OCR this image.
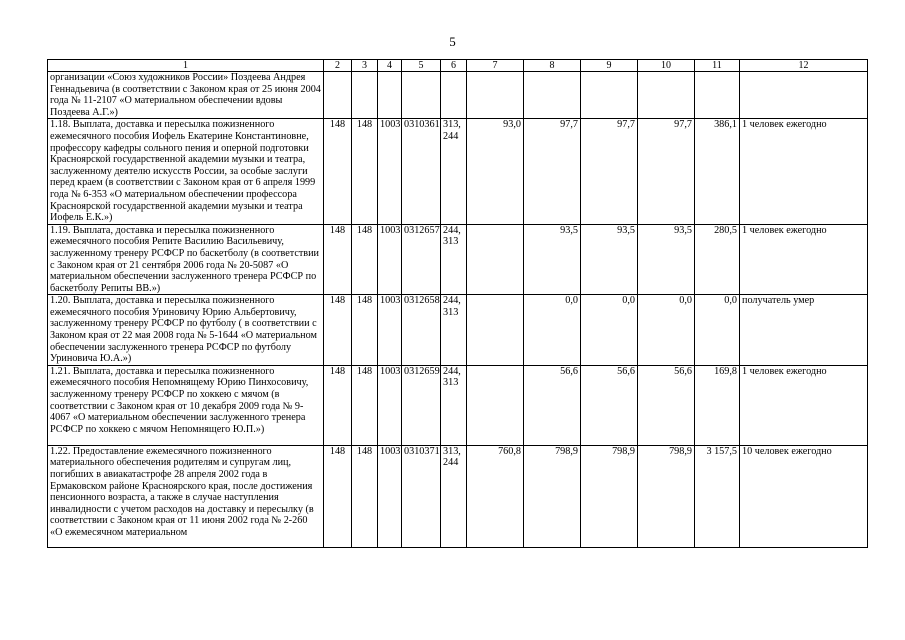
5
1	2	3	4	5	6	7	8	9	10	11	12
организации «Союз художников России» Поздеева Андрея Геннадьевича (в соответствии с Законом края от 25 июня 2004 года № 11-2107 «О материальном обеспечении вдовы Поздеева А.Г.»)											
1.18. Выплата, доставка и пересылка пожизненного ежемесячного пособия Иофель Екатерине Константиновне, профессору кафедры сольного пения и оперной подготовки Красноярской государственной академии музыки и театра, заслуженному деятелю искусств России, за особые заслуги перед краем (в соответствии с Законом края от 6 апреля 1999 года № 6-353 «О материальном обеспечении профессора Красноярской государственной академии музыки и театра Иофель Е.К.»)	148	148	1003	0310361	313, 244	93,0	97,7	97,7	97,7	386,1	1 человек ежегодно
1.19. Выплата, доставка и пересылка пожизненного ежемесячного пособия Репите Василию Васильевичу, заслуженному тренеру РСФСР по баскетболу (в соответствии с Законом края от 21 сентября 2006 года № 20-5087 «О материальном обеспечении заслуженного тренера РСФСР по баскетболу Репиты ВВ.»)	148	148	1003	0312657	244, 313		93,5	93,5	93,5	280,5	1 человек ежегодно
1.20. Выплата, доставка и пересылка пожизненного ежемесячного пособия Уриновичу Юрию Альбертовичу, заслуженному тренеру РСФСР по футболу ( в соответствии с Законом края от 22 мая 2008 года № 5-1644 «О материальном обеспечении заслуженного тренера РСФСР по футболу Уриновича Ю.А.»)	148	148	1003	0312658	244, 313		0,0	0,0	0,0	0,0	получатель умер
1.21. Выплата, доставка и пересылка пожизненного ежемесячного пособия Непомнящему Юрию Пинхосовичу, заслуженному тренеру РСФСР по хоккею с мячом (в соответствии с Законом края от 10 декабря 2009 года № 9-4067 «О материальном обеспечении заслуженного тренера РСФСР по хоккею с мячом Непомнящего Ю.П.»)	148	148	1003	0312659	244, 313		56,6	56,6	56,6	169,8	1 человек ежегодно
1.22. Предоставление ежемесячного пожизненного материального обеспечения родителям и супругам лиц, погибших в авиакатастрофе 28 апреля 2002 года в Ермаковском районе Красноярского края, после достижения пенсионного возраста, а также в случае наступления инвалидности с учетом расходов на доставку и пересылку (в соответствии с Законом края от 11 июня 2002 года № 2-260 «О ежемесячном материальном	148	148	1003	0310371	313, 244	760,8	798,9	798,9	798,9	3 157,5	10 человек ежегодно
